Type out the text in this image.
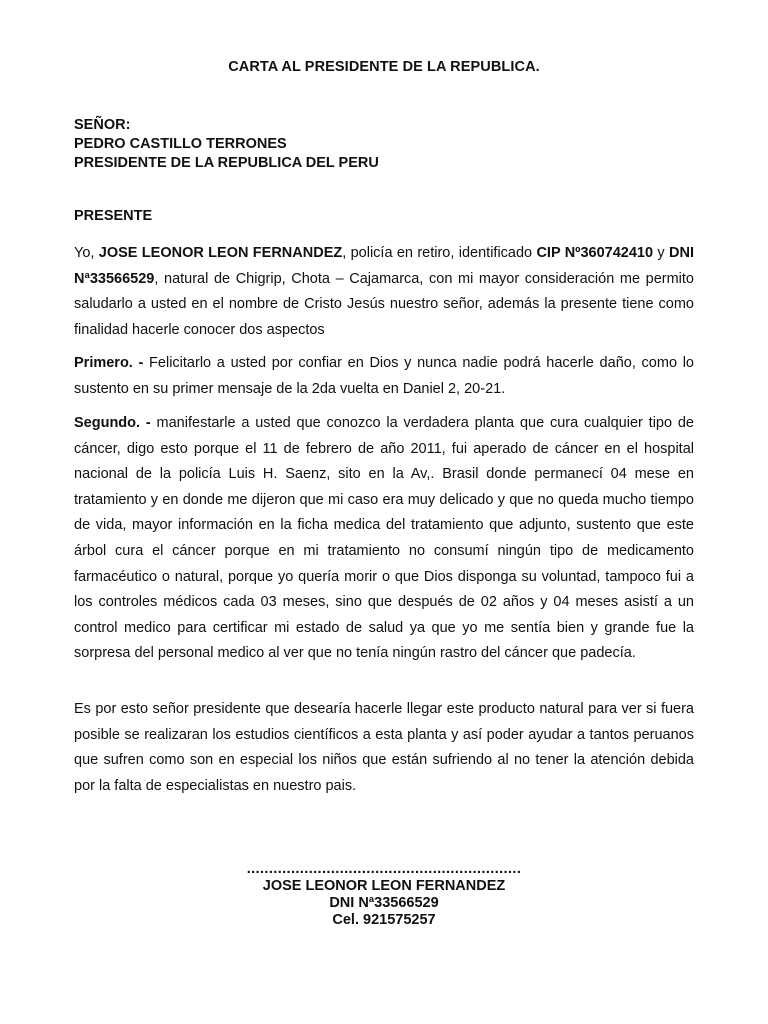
CARTA AL PRESIDENTE DE LA REPUBLICA.
SEÑOR:
PEDRO CASTILLO TERRONES
PRESIDENTE DE LA REPUBLICA DEL PERU
PRESENTE
Yo, JOSE LEONOR LEON FERNANDEZ, policía en retiro, identificado CIP Nº360742410 y DNI Nª33566529, natural de Chigrip, Chota – Cajamarca, con mi mayor consideración me permito saludarlo a usted en el nombre de Cristo Jesús nuestro señor, además la presente tiene como finalidad hacerle conocer dos aspectos
Primero. - Felicitarlo a usted por confiar en Dios y nunca nadie podrá hacerle daño, como lo sustento en su primer mensaje de la 2da vuelta en Daniel 2, 20-21.
Segundo. - manifestarle a usted que conozco la verdadera planta que cura cualquier tipo de cáncer, digo esto porque el 11 de febrero de año 2011, fui aperado de cáncer en el hospital nacional de la policía Luis H. Saenz, sito en la Av,. Brasil donde permanecí 04 mese en tratamiento y en donde me dijeron que mi caso era muy delicado y que no queda mucho tiempo de vida, mayor información en la ficha medica del tratamiento que adjunto, sustento que este árbol cura el cáncer porque en mi tratamiento no consumí ningún tipo de medicamento farmacéutico o natural, porque yo quería morir o que Dios disponga su voluntad, tampoco fui a los controles médicos cada 03 meses, sino que después de 02 años y 04 meses asistí a un control medico para certificar mi estado de salud ya que yo me sentía bien y grande fue la sorpresa del personal medico al ver que no tenía ningún rastro del cáncer que padecía.
Es por esto señor presidente que desearía hacerle llegar este producto natural para ver si fuera posible se realizaran los estudios científicos a esta planta y así poder ayudar a tantos peruanos que sufren como son en especial los niños que están sufriendo al no tener la atención debida por la falta de especialistas en nuestro pais.
..............................................................
JOSE LEONOR LEON FERNANDEZ
DNI Nª33566529
Cel. 921575257
